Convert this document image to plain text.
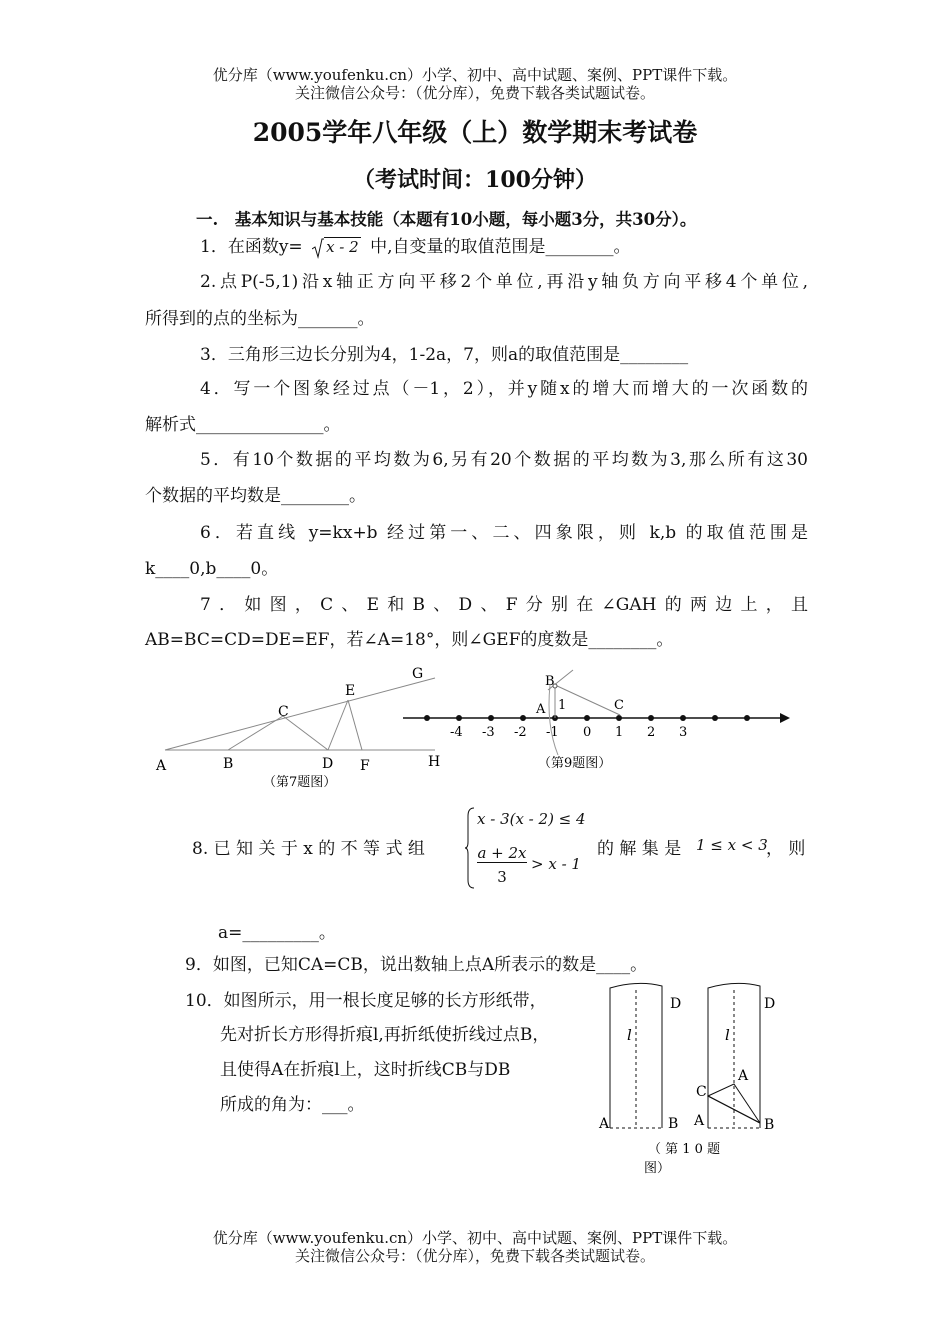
优分库（www.youfenku.cn）小学、初中、高中试题、案例、PPT课件下载。
关注微信公众号：（优分库），免费下载各类试题试卷。
2005学年八年级（上）数学期末考试卷
（考试时间：100分钟）
一.　基本知识与基本技能（本题有10小题，每小题3分，共30分）。
1．在函数y= x - 2 中,自变量的取值范围是________。
2.点P(-5,1)沿x轴正方向平移2个单位,再沿y轴负方向平移4个单位,
所得到的点的坐标为_______。
3．三角形三边长分别为4，1-2a，7，则a的取值范围是________
4．写一个图象经过点（－1，2），并y随x的增大而增大的一次函数的
解析式_______________。
5．有10个数据的平均数为6,另有20个数据的平均数为3,那么所有这30
个数据的平均数是________。
6．若直线 y=kx+b 经过第一、二、四象限，则 k,b 的取值范围是
k____0,b____0。
7．如图，C、E和B、D、F分别在∠GAH的两边上，且
AB=BC=CD=DE=EF，若∠A=18°，则∠GEF的度数是________。
A	B
C
D
E
F
G
H
（第7题图）
-4 -3 -2 -1 0 1 2 3
B
A 1	C
（第9题图）
8. 已 知 关 于 x 的 不 等 式 组
x - 3(x - 2) ≤ 4
a + 2x
3
> x - 1
的 解 集 是 1 ≤ x < 3
， 则
a=_________。
9．如图，已知CA=CB，说出数轴上点A所表示的数是____。
10．如图所示，用一根长度足够的长方形纸带，
先对折长方形得折痕l,再折纸使折线过点B，
且使得A在折痕l上，这时折线CB与DB
所成的角为：___。
l
D
A	B
l
D
C
A
A	B
（ 第 1 0 题
图）
优分库（www.youfenku.cn）小学、初中、高中试题、案例、PPT课件下载。
关注微信公众号：（优分库），免费下载各类试题试卷。
